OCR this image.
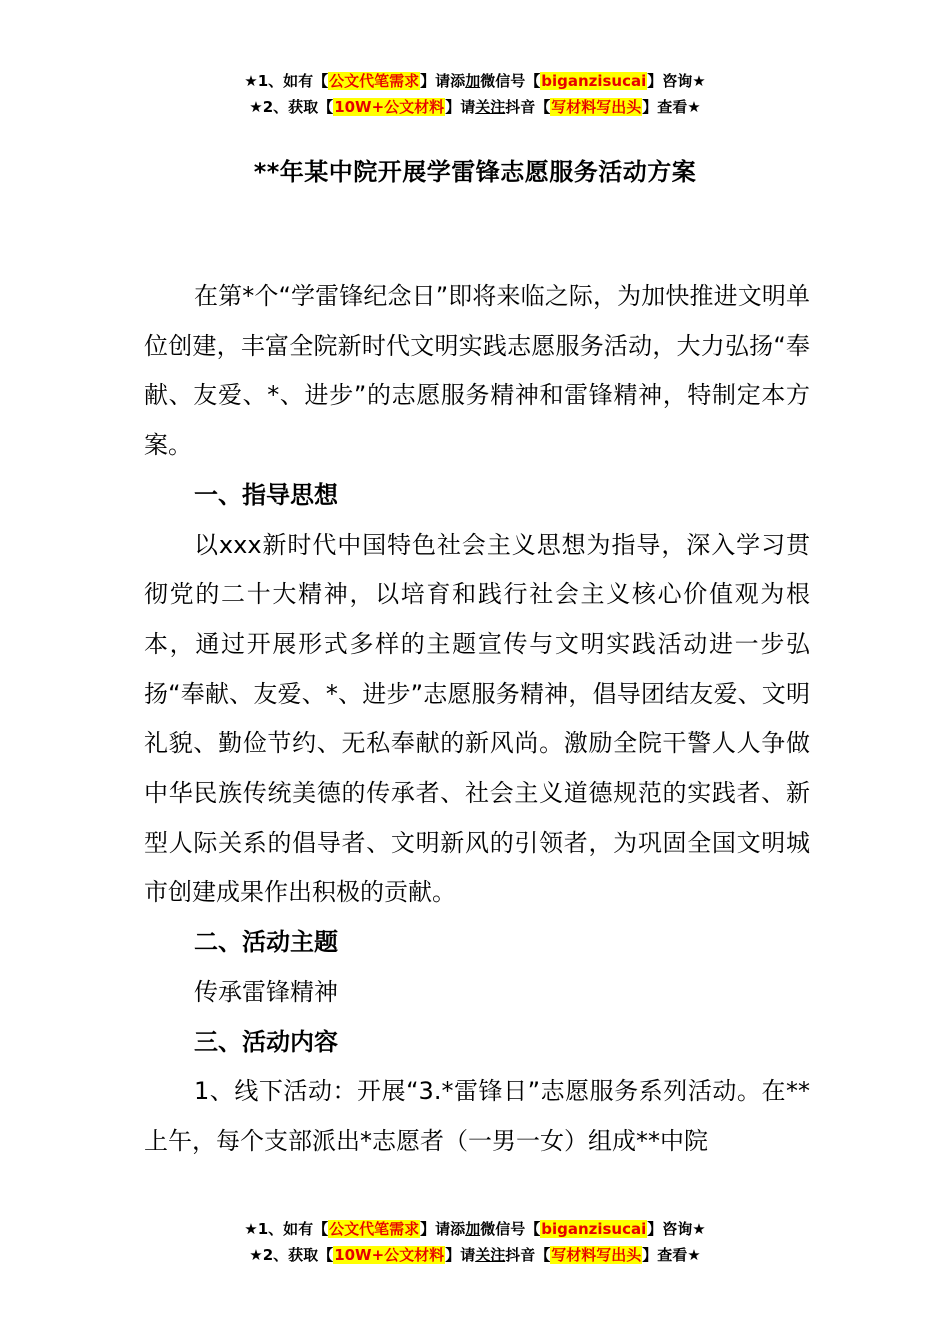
★1、如有【公文代笔需求】请添加微信号【biganzisucai】咨询★
★2、获取【10W+公文材料】请关注抖音【写材料写出头】查看★
**年某中院开展学雷锋志愿服务活动方案

在第*个“学雷锋纪念日”即将来临之际，为加快推进文明单位创建，丰富全院新时代文明实践志愿服务活动，大力弘扬“奉献、友爱、*、进步”的志愿服务精神和雷锋精神，特制定本方案。

一、指导思想

以xxx新时代中国特色社会主义思想为指导，深入学习贯彻党的二十大精神，以培育和践行社会主义核心价值观为根本，通过开展形式多样的主题宣传与文明实践活动进一步弘扬“奉献、友爱、*、进步”志愿服务精神，倡导团结友爱、文明礼貌、勤俭节约、无私奉献的新风尚。激励全院干警人人争做中华民族传统美德的传承者、社会主义道德规范的实践者、新型人际关系的倡导者、文明新风的引领者，为巩固全国文明城市创建成果作出积极的贡献。

二、活动主题

传承雷锋精神

三、活动内容

1、线下活动：开展“3.*雷锋日”志愿服务系列活动。在**上午，每个支部派出*志愿者（一男一女）组成**中院

★1、如有【公文代笔需求】请添加微信号【biganzisucai】咨询★
★2、获取【10W+公文材料】请关注抖音【写材料写出头】查看★
